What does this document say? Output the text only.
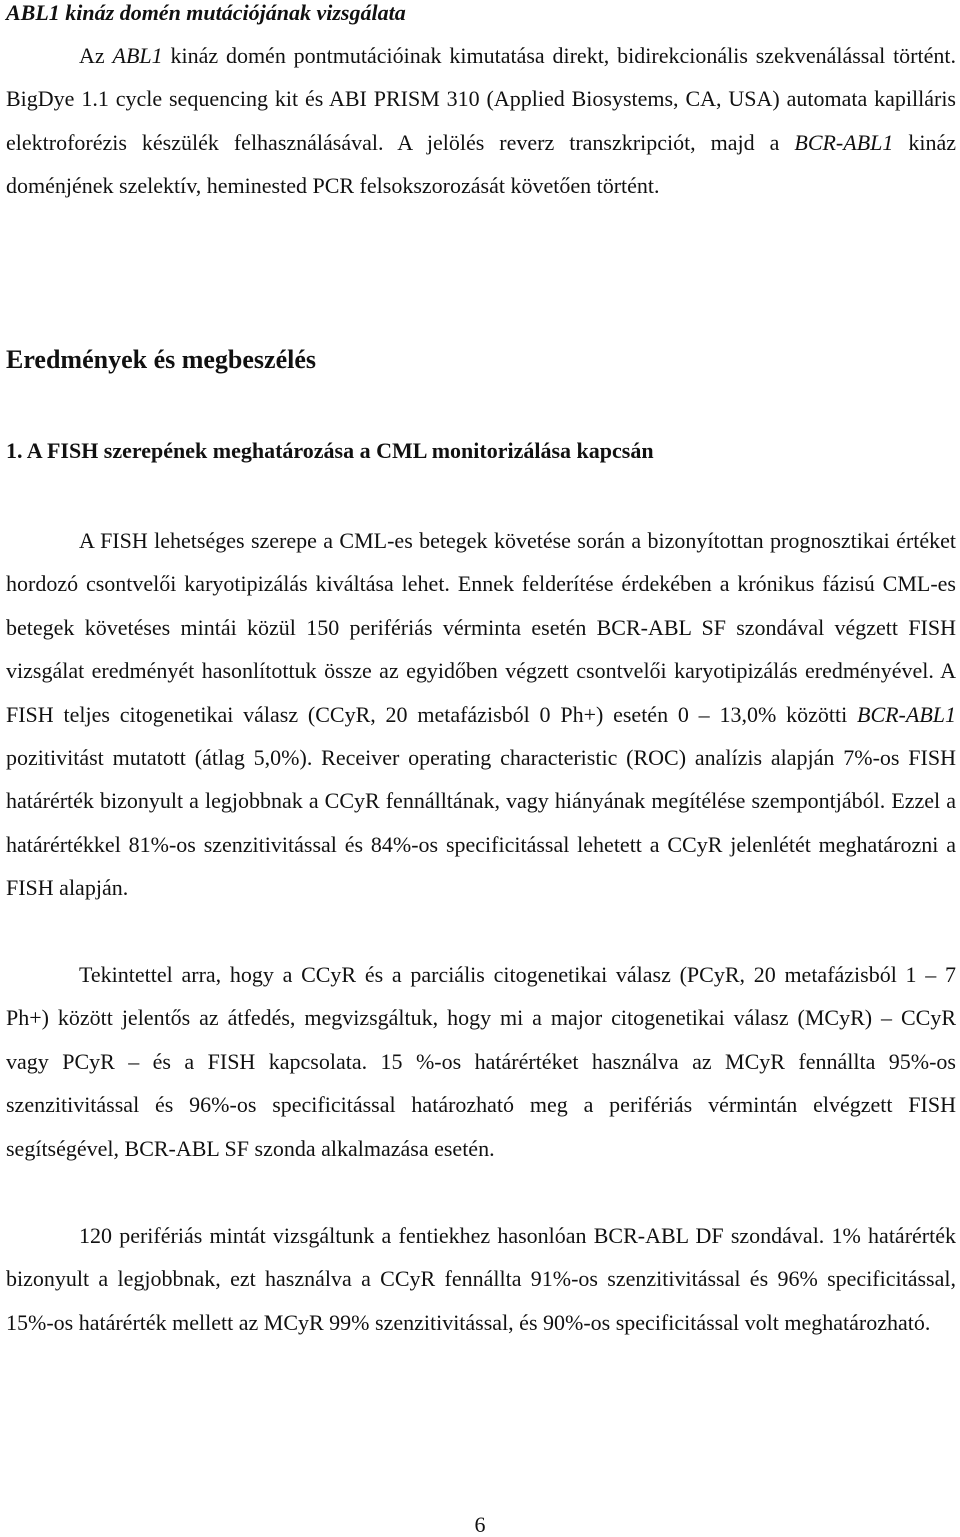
ABL1 kináz domén mutációjának vizsgálata

Az ABL1 kináz domén pontmutációinak kimutatása direkt, bidirekcionális szekvenálással történt. BigDye 1.1 cycle sequencing kit és ABI PRISM 310 (Applied Biosystems, CA, USA) automata kapilláris elektroforézis készülék felhasználásával. A jelölés reverz transzkripciót, majd a BCR-ABL1 kináz doménjének szelektív, heminested PCR felsokszorozását követően történt.

Eredmények és megbeszélés
1. A FISH szerepének meghatározása a CML monitorizálása kapcsán

A FISH lehetséges szerepe a CML-es betegek követése során a bizonyítottan prognosztikai értéket hordozó csontvelői karyotipizálás kiváltása lehet. Ennek felderítése érdekében a krónikus fázisú CML-es betegek követéses mintái közül 150 perifériás vérminta esetén BCR-ABL SF szondával végzett FISH vizsgálat eredményét hasonlítottuk össze az egyidőben végzett csontvelői karyotipizálás eredményével. A FISH teljes citogenetikai válasz (CCyR, 20 metafázisból 0 Ph+) esetén 0 – 13,0% közötti BCR-ABL1 pozitivitást mutatott (átlag 5,0%). Receiver operating characteristic (ROC) analízis alapján 7%-os FISH határérték bizonyult a legjobbnak a CCyR fennálltának, vagy hiányának megítélése szempontjából. Ezzel a határértékkel 81%-os szenzitivitással és 84%-os specificitással lehetett a CCyR jelenlétét meghatározni a FISH alapján.

Tekintettel arra, hogy a CCyR és a parciális citogenetikai válasz (PCyR, 20 metafázisból 1 – 7 Ph+) között jelentős az átfedés, megvizsgáltuk, hogy mi a major citogenetikai válasz (MCyR) – CCyR vagy PCyR – és a FISH kapcsolata. 15 %-os határértéket használva az MCyR fennállta 95%-os szenzitivitással és 96%-os specificitással határozható meg a perifériás vérmintán elvégzett FISH segítségével, BCR-ABL SF szonda alkalmazása esetén.

120 perifériás mintát vizsgáltunk a fentiekhez hasonlóan BCR-ABL DF szondával. 1% határérték bizonyult a legjobbnak, ezt használva a CCyR fennállta 91%-os szenzitivitással és 96% specificitással, 15%-os határérték mellett az MCyR 99% szenzitivitással, és 90%-os specificitással volt meghatározható.

6
